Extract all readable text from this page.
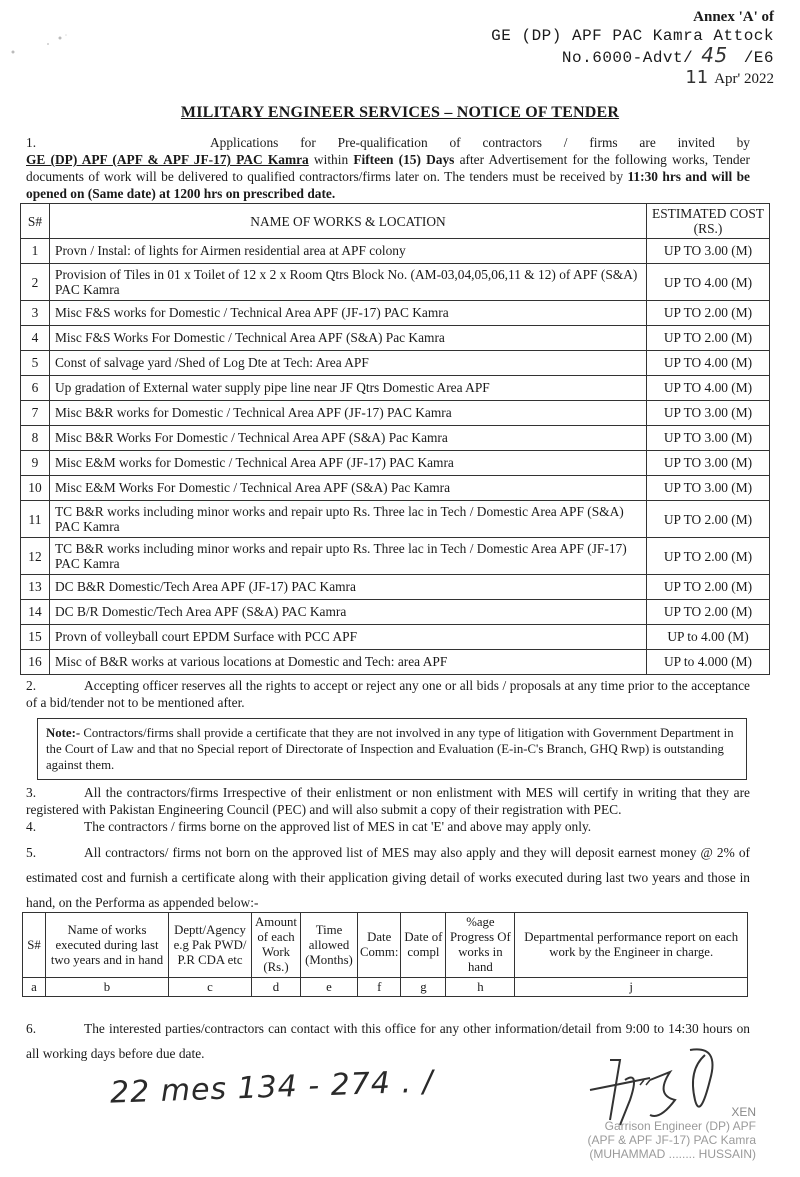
Annex 'A' of
GE (DP) APF PAC Kamra Attock
No.6000-Advt/ 45 /E6
11 Apr' 2022
MILITARY ENGINEER SERVICES – NOTICE OF TENDER
1.	Applications for Pre-qualification of contractors / firms are invited by
GE (DP) APF (APF & APF JF-17) PAC Kamra within Fifteen (15) Days after Advertisement for the following works, Tender documents of work will be delivered to qualified contractors/firms later on. The tenders must be received by 11:30 hrs and will be opened on (Same date) at 1200 hrs on prescribed date.
S#	NAME OF WORKS & LOCATION	ESTIMATED COST (RS.)
1	Provn / Instal: of lights for Airmen residential area at APF colony	UP TO 3.00 (M)
2	Provision of Tiles in 01 x Toilet of 12 x 2 x Room Qtrs Block No. (AM-03,04,05,06,11 & 12) of APF (S&A) PAC Kamra	UP TO 4.00 (M)
3	Misc F&S works for Domestic / Technical Area APF (JF-17) PAC Kamra	UP TO 2.00 (M)
4	Misc F&S Works For Domestic / Technical Area APF (S&A) Pac Kamra	UP TO 2.00 (M)
5	Const of salvage yard /Shed of Log Dte at Tech: Area APF	UP TO 4.00 (M)
6	Up gradation of External water supply pipe line near JF Qtrs Domestic Area APF	UP TO 4.00 (M)
7	Misc B&R works for Domestic / Technical Area APF (JF-17) PAC Kamra	UP TO 3.00 (M)
8	Misc B&R Works For Domestic / Technical Area APF (S&A) Pac Kamra	UP TO 3.00 (M)
9	Misc E&M works for Domestic / Technical Area APF (JF-17) PAC Kamra	UP TO 3.00 (M)
10	Misc E&M Works For Domestic / Technical Area APF (S&A) Pac Kamra	UP TO 3.00 (M)
11	TC B&R works including minor works and repair upto Rs. Three lac in Tech / Domestic Area APF (S&A) PAC Kamra	UP TO 2.00 (M)
12	TC B&R works including minor works and repair upto Rs. Three lac in Tech / Domestic Area APF (JF-17) PAC Kamra	UP TO 2.00 (M)
13	DC B&R Domestic/Tech Area APF (JF-17) PAC Kamra	UP TO 2.00 (M)
14	DC B/R Domestic/Tech Area APF (S&A) PAC Kamra	UP TO 2.00 (M)
15	Provn of volleyball court EPDM Surface with PCC APF	UP to 4.00 (M)
16	Misc of B&R works at various locations at Domestic and Tech: area APF	UP to 4.000 (M)
2.	Accepting officer reserves all the rights to accept or reject any one or all bids / proposals at any time prior to the acceptance of a bid/tender not to be mentioned after.
Note:- Contractors/firms shall provide a certificate that they are not involved in any type of litigation with Government Department in the Court of Law and that no Special report of Directorate of Inspection and Evaluation (E-in-C's Branch, GHQ Rwp) is outstanding against them.
3.	All the contractors/firms Irrespective of their enlistment or non enlistment with MES will certify in writing that they are registered with Pakistan Engineering Council (PEC) and will also submit a copy of their registration with PEC.
4.	The contractors / firms borne on the approved list of MES in cat 'E' and above may apply only.
5.	All contractors/ firms not born on the approved list of MES may also apply and they will deposit earnest money @ 2% of estimated cost and furnish a certificate along with their application giving detail of works executed during last two years and those in hand, on the Performa as appended below:-
S#	Name of works executed during last two years and in hand	Deptt/Agency e.g Pak PWD/ P.R CDA etc	Amount of each Work (Rs.)	Time allowed (Months)	Date Comm:	Date of compl	%age Progress Of works in hand	Departmental performance report on each work by the Engineer in charge.
a	b	c	d	e	f	g	h	j
6.	The interested parties/contractors can contact with this office for any other information/detail from 9:00 to 14:30 hours on all working days before due date.
22 mes 134 - 274 . /
XEN
Garrison Engineer (DP) APF
(APF & APF JF-17) PAC Kamra
(MUHAMMAD ........ HUSSAIN)
